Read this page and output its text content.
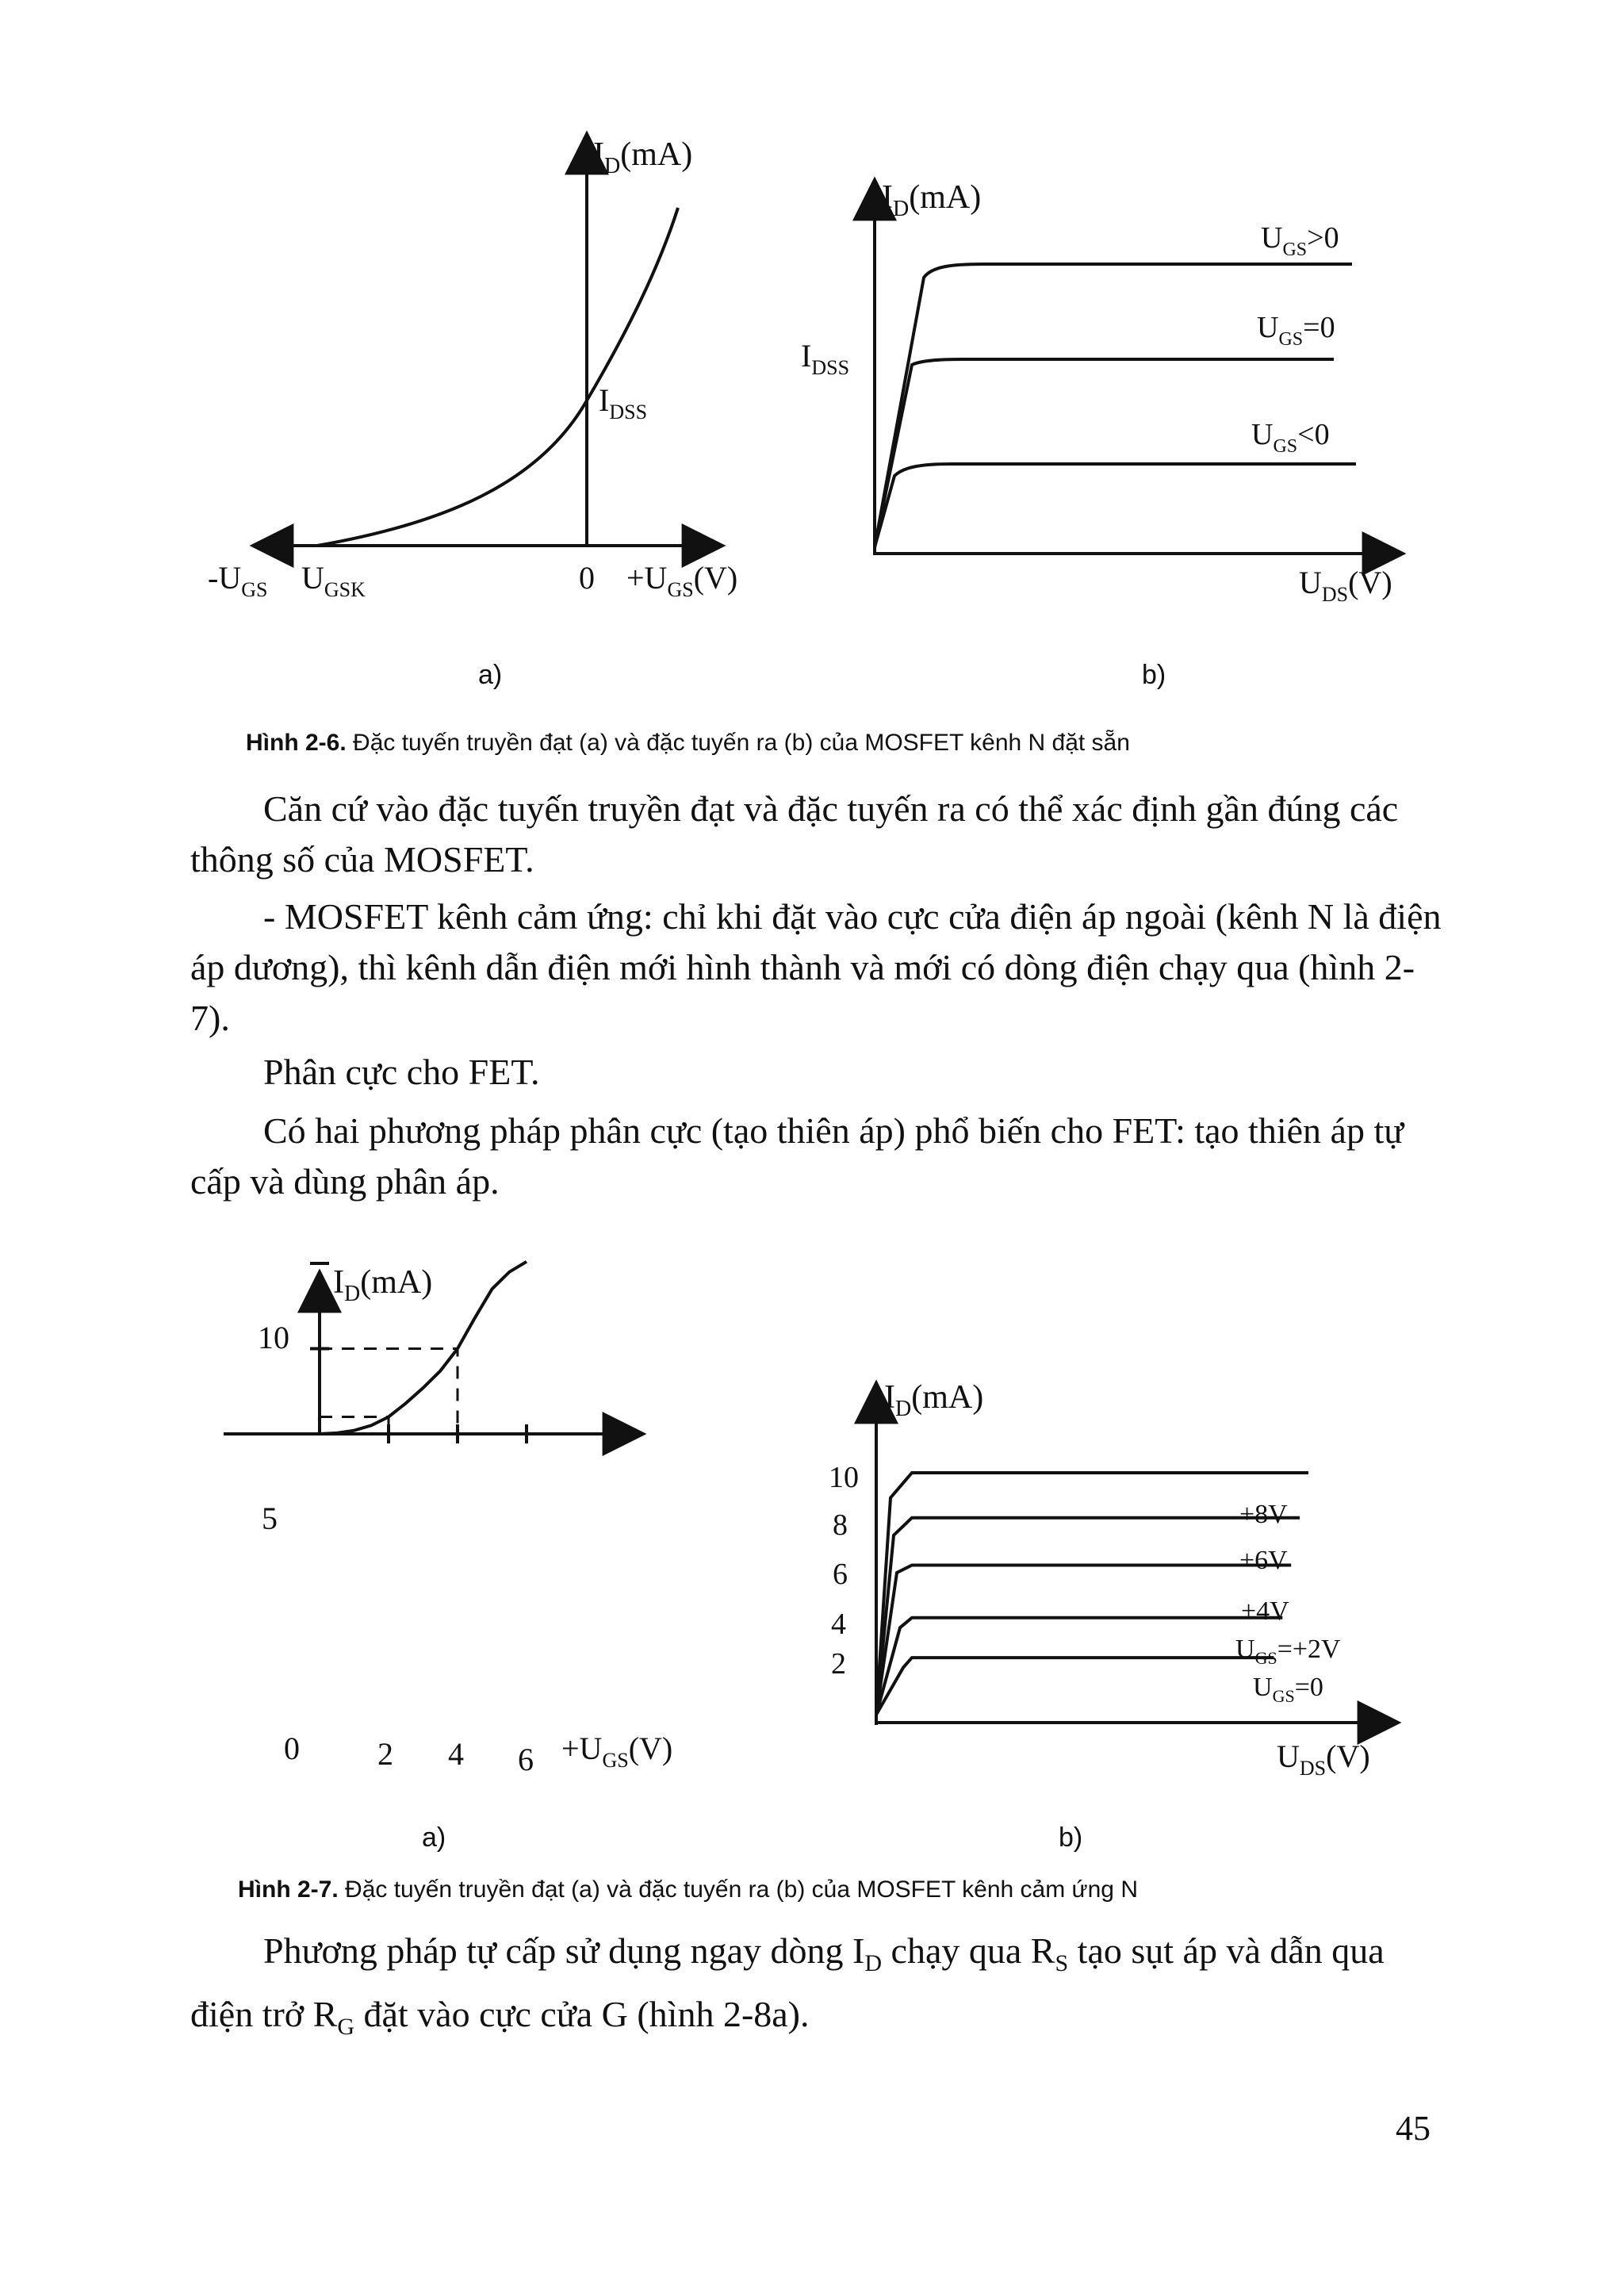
$I_D(mA)$
$I_{DSS}$
$-U_{GS}$ $U_{GSK}$	$0 +U_{GS}(V)$
a)
$I_D(mA)$
$I_{DSS}$
$U_{GS}>0$
$U_{GS}=0$
$U_{GS}<0$
$U_{DS}(V)$
b)
$I_D(mA)$
10
5
0 2 4 $6 +U_{GS}(V)$
a)
$I_D(mA)$
10
8
6
4
2
+8V
+6V
+4V
$U_{GS}=+2V$
$U_{GS}=0$
$U_{DS}(V)$
b)

Hình 2-6. Đặc tuyến truyền đạt (a) và đặc tuyến ra (b) của MOSFET kênh N đặt sẵn

Căn cứ vào đặc tuyến truyền đạt và đặc tuyến ra có thể xác định gần đúng các thông số của MOSFET.

- MOSFET kênh cảm ứng: chỉ khi đặt vào cực cửa điện áp ngoài (kênh N là điện áp dương), thì kênh dẫn điện mới hình thành và mới có dòng điện chạy qua (hình 2-7).

Phân cực cho FET.

Có hai phương pháp phân cực (tạo thiên áp) phổ biến cho FET: tạo thiên áp tự cấp và dùng phân áp.

Hình 2-7. Đặc tuyến truyền đạt (a) và đặc tuyến ra (b) của MOSFET kênh cảm ứng N

Phương pháp tự cấp sử dụng ngay dòng $I_D$ chạy qua $R_S$ tạo sụt áp và dẫn qua điện trở $R_G$ đặt vào cực cửa G (hình 2-8a).

45
